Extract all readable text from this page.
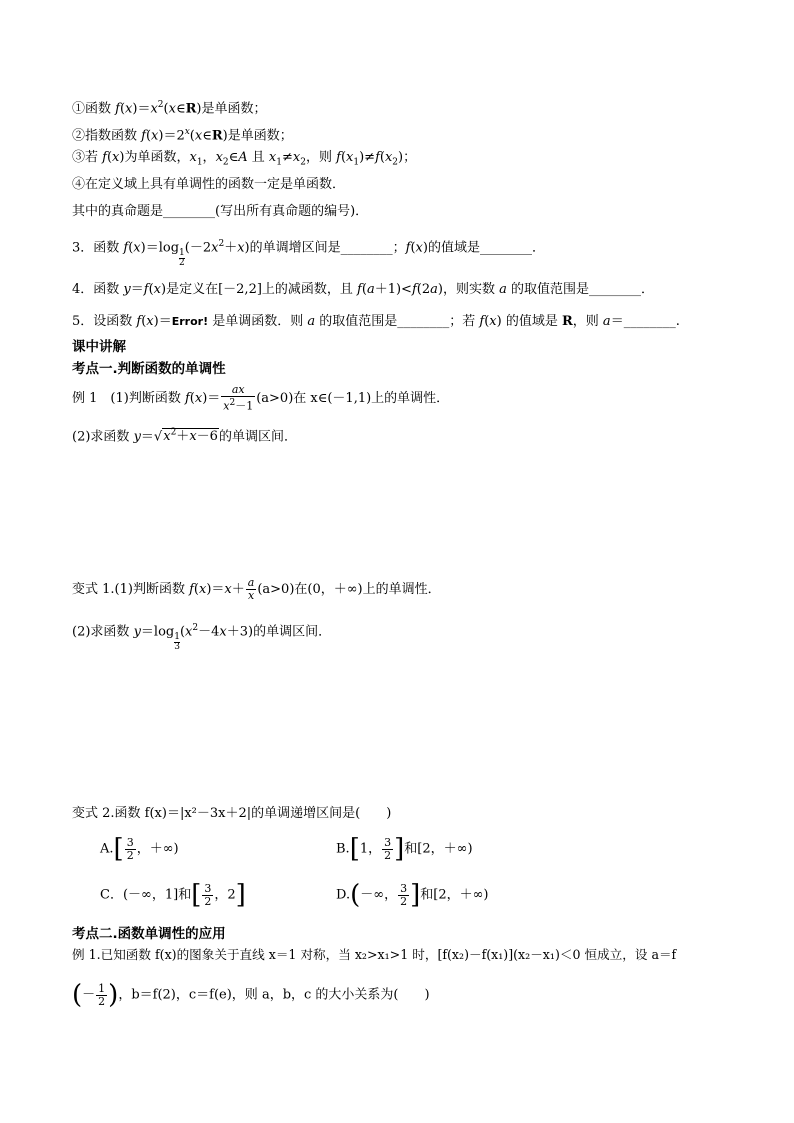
①函数 $f(x)=x^2(x\in R)$是单函数；
②指数函数 $f(x)=2^x(x\in R)$是单函数；
③若 f(x)为单函数，$x_1$，$x_2\in A$ 且 $x_1\ne x_2$，则 $f(x_1)\ne f(x_2)$；
④在定义域上具有单调性的函数一定是单函数．
其中的真命题是________(写出所有真命题的编号)．
3．函数 f(x)＝log 1
$2(-2x^2+x)$的单调增区间是________；f(x)的值域是________．
4．函数 y＝f(x)是定义在[－2,2]上的减函数，且 f(a＋1)<f(2a)，则实数 a 的取值范围是________．
5．设函数 f(x)＝Error! 是单调函数．则 a 的取值范围是________；若 f(x) 的值域是 R，则 a＝________.
课中讲解
考点一.判断函数的单调性
例 1　(1)判断函数 $f(x)= \frac{ax}{x^2-1} (a>0)$在 x∈(－1,1)上的单调性．
(2)求函数 $y=√x^2+x-6$的单调区间．
变式 1.(1)判断函数 $f(x)=x+ \frac{a}{x} (a>0)$在(0，＋∞)上的单调性．
(2)求函数 y＝log 1
$3(x^2-4x+3)$的单调区间．
变式 2.函数 f(x)＝|x²－3x＋2|的单调递增区间是(　　)
$A.[ \frac{3}{2}$ ，＋∞)	B.[1， $\frac{3}{2}$ ]和[2，＋∞)
C．(－∞，1]和[ $\frac{3}{2}$ ，2]	D.(－∞， $\frac{3}{2}$ ]和[2，＋∞)
考点二.函数单调性的应用
例 1.已知函数 f(x)的图象关于直线 x＝1 对称，当 x₂>x₁>1 时，[f(x₂)－f(x₁)](x₂－x₁)＜0 恒成立，设 a＝f
(－ $\frac{1}{2}$ )，b＝f(2)，c＝f(e)，则 a，b，c 的大小关系为(　　)
